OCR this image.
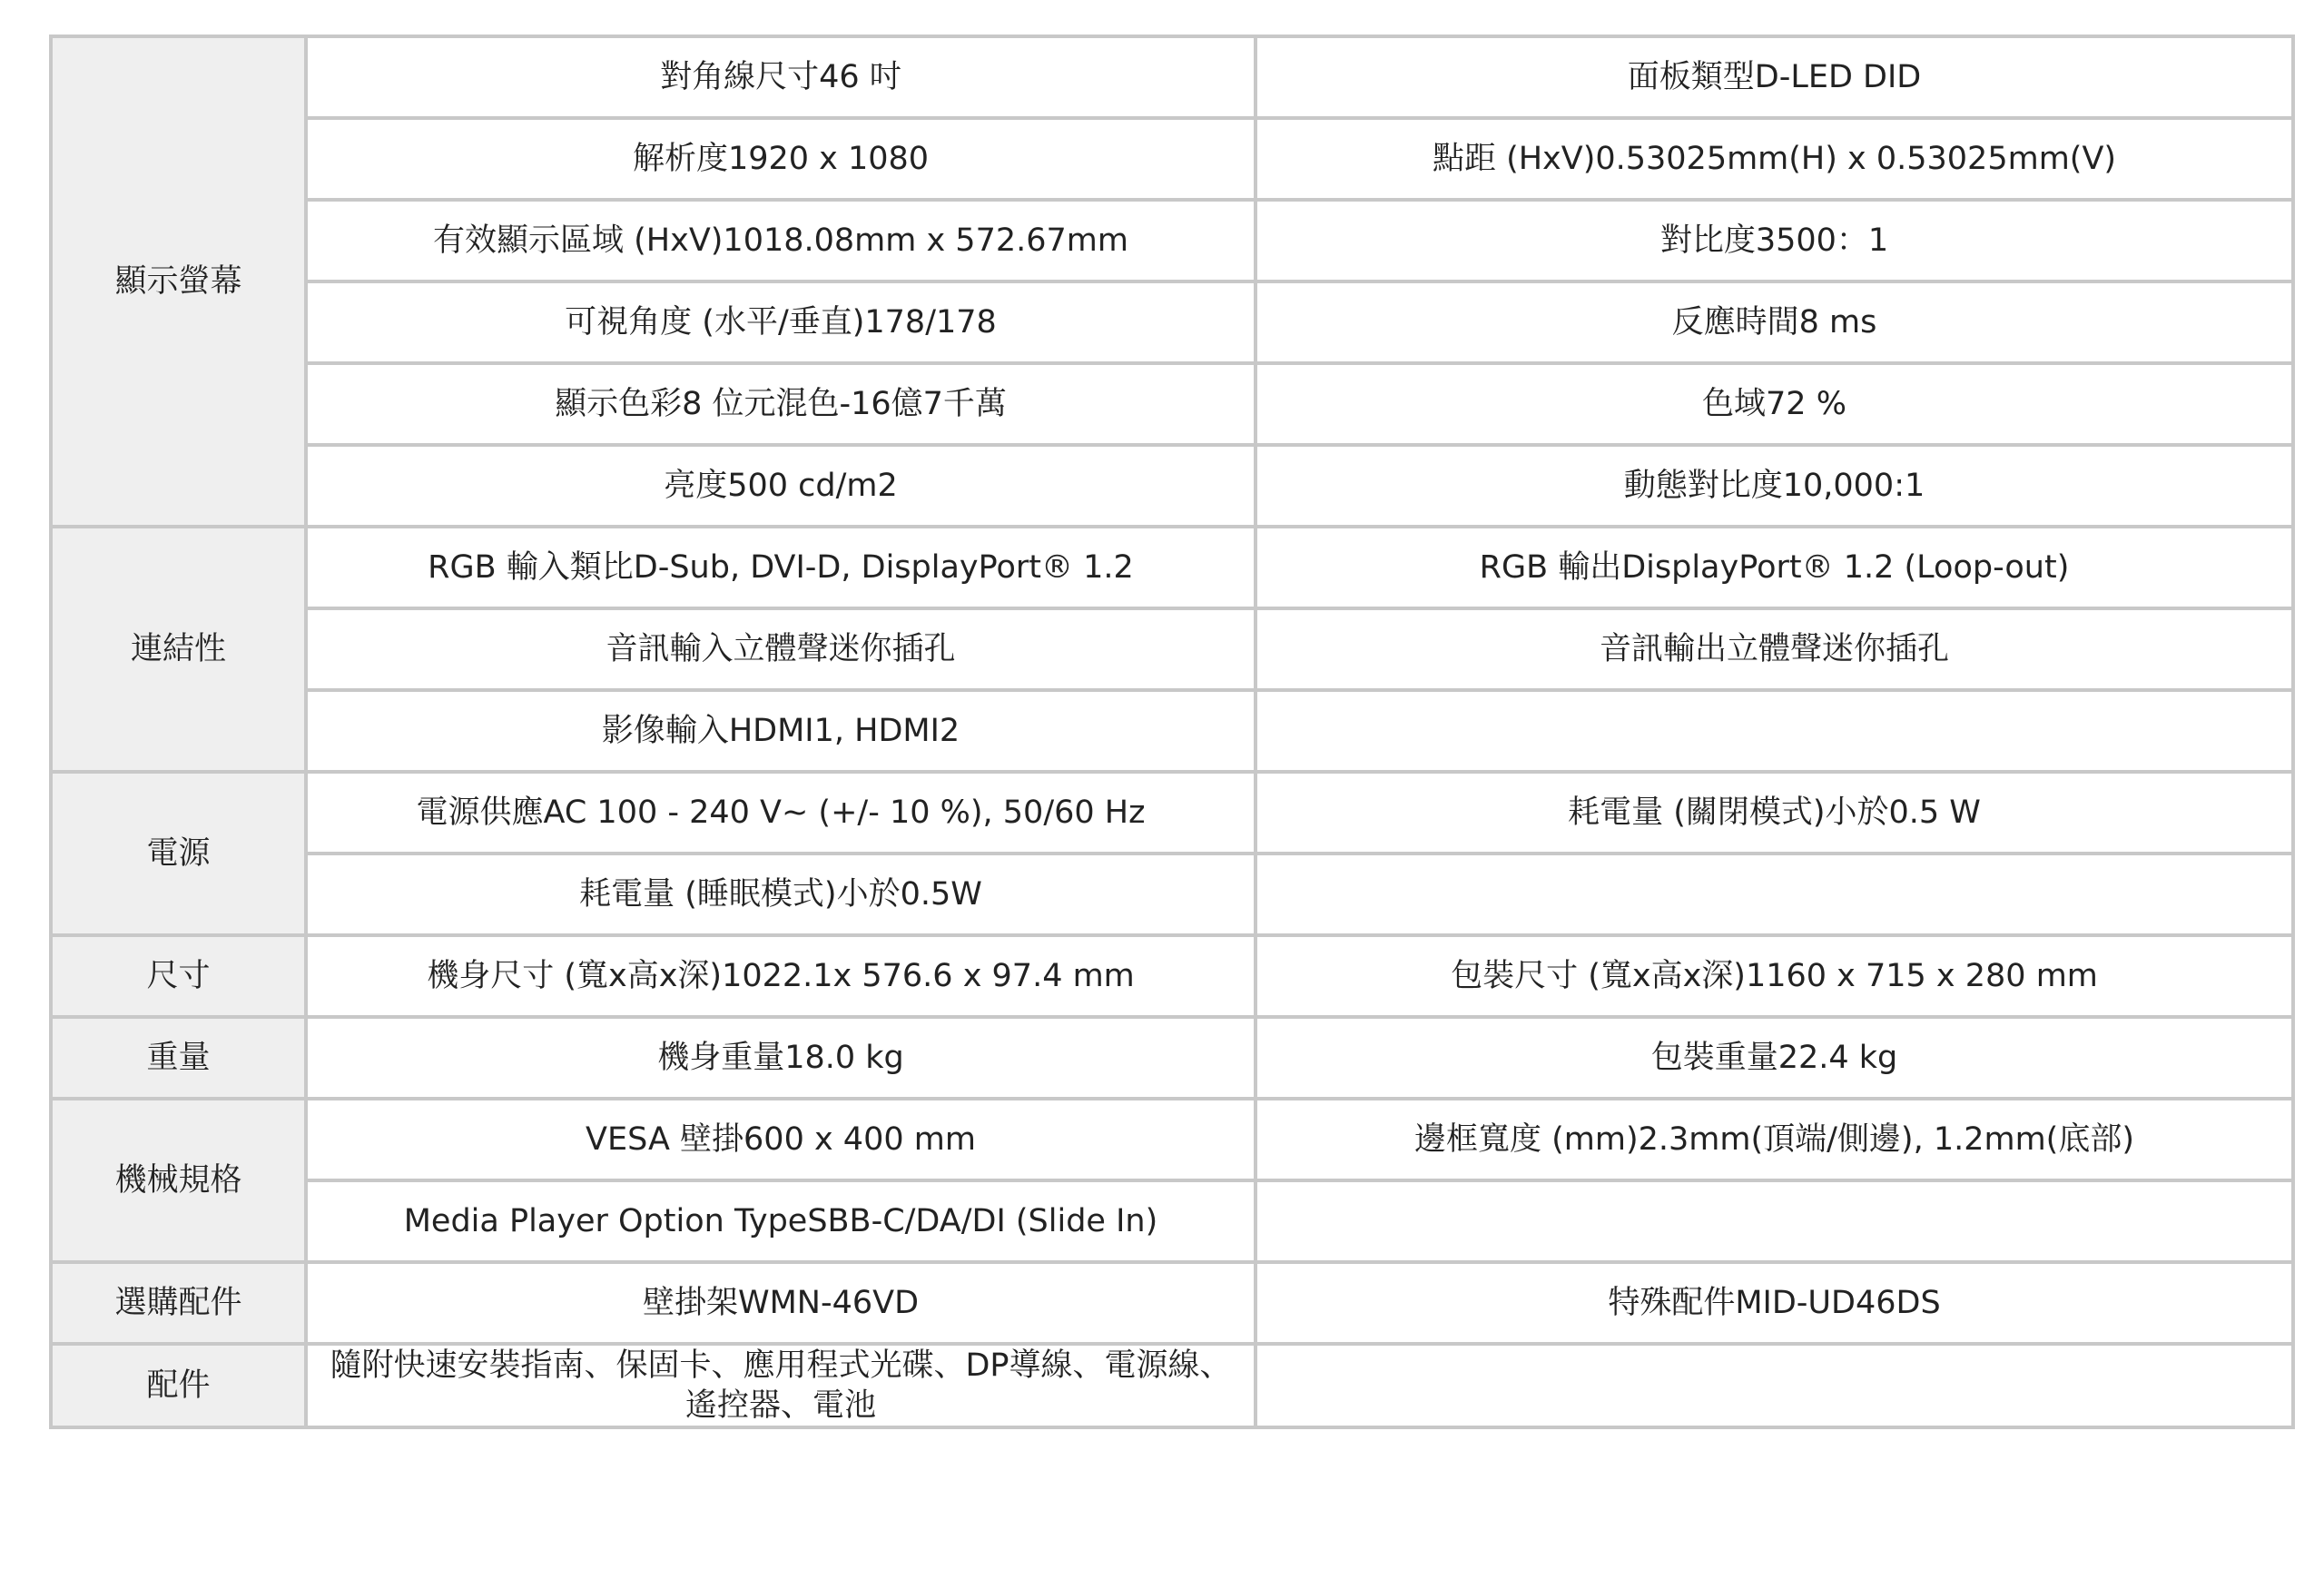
顯示螢幕	對角線尺寸46 吋	面板類型D-LED DID
	解析度1920 x 1080	點距 (HxV)0.53025mm(H) x 0.53025mm(V)
	有效顯示區域 (HxV)1018.08mm x 572.67mm	對比度3500：1
	可視角度 (水平/垂直)178/178	反應時間8 ms
	顯示色彩8 位元混色-16億7千萬	色域72 %
	亮度500 cd/m2	動態對比度10,000:1
連結性	RGB 輸入類比D-Sub, DVI-D, DisplayPort® 1.2	RGB 輸出DisplayPort® 1.2 (Loop-out)
	音訊輸入立體聲迷你插孔	音訊輸出立體聲迷你插孔
	影像輸入HDMI1, HDMI2	
電源	電源供應AC 100 - 240 V~ (+/- 10 %), 50/60 Hz	耗電量 (關閉模式)小於0.5 W
	耗電量 (睡眠模式)小於0.5W	
尺寸	機身尺寸 (寬x高x深)1022.1x 576.6 x 97.4 mm	包裝尺寸 (寬x高x深)1160 x 715 x 280 mm
重量	機身重量18.0 kg	包裝重量22.4 kg
機械規格	VESA 壁掛600 x 400 mm	邊框寬度 (mm)2.3mm(頂端/側邊), 1.2mm(底部)
	Media Player Option TypeSBB-C/DA/DI (Slide In)	
選購配件	壁掛架WMN-46VD	特殊配件MID-UD46DS
配件	隨附快速安裝指南、保固卡、應用程式光碟、DP導線、電源線、遙控器、電池	
